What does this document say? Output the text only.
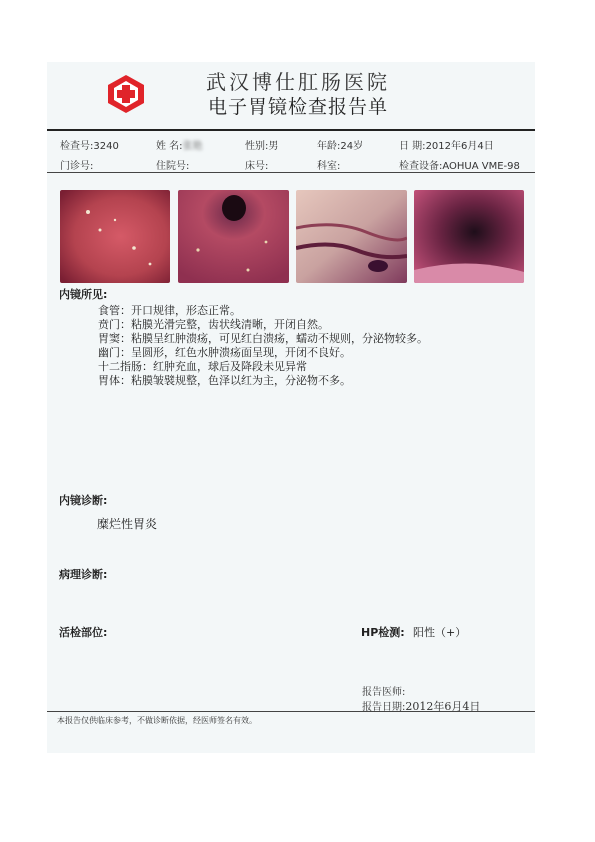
武汉博仕肛肠医院
电子胃镜检查报告单
检查号:3240	姓 名:张艳	性别:男	年龄:24岁	日 期:2012年6月4日
门诊号:	住院号:	床号:	科室:	检查设备:AOHUA VME-98
内镜所见:
食管：开口规律，形态正常。
贲门：粘膜光滑完整，齿状线清晰，开闭自然。
胃窦：粘膜呈红肿溃疡，可见红白溃疡，蠕动不规则，分泌物较多。
幽门：呈圆形，红色水肿溃疡面呈现，开闭不良好。
十二指肠：红肿充血，球后及降段未见异常
胃体：粘膜皱襞规整，色泽以红为主，分泌物不多。
内镜诊断:
糜烂性胃炎
病理诊断:
活检部位:	HP检测: 阳性（+）
报告医师:
报告日期:2012年6月4日
本报告仅供临床参考，不做诊断依据，经医师签名有效。
